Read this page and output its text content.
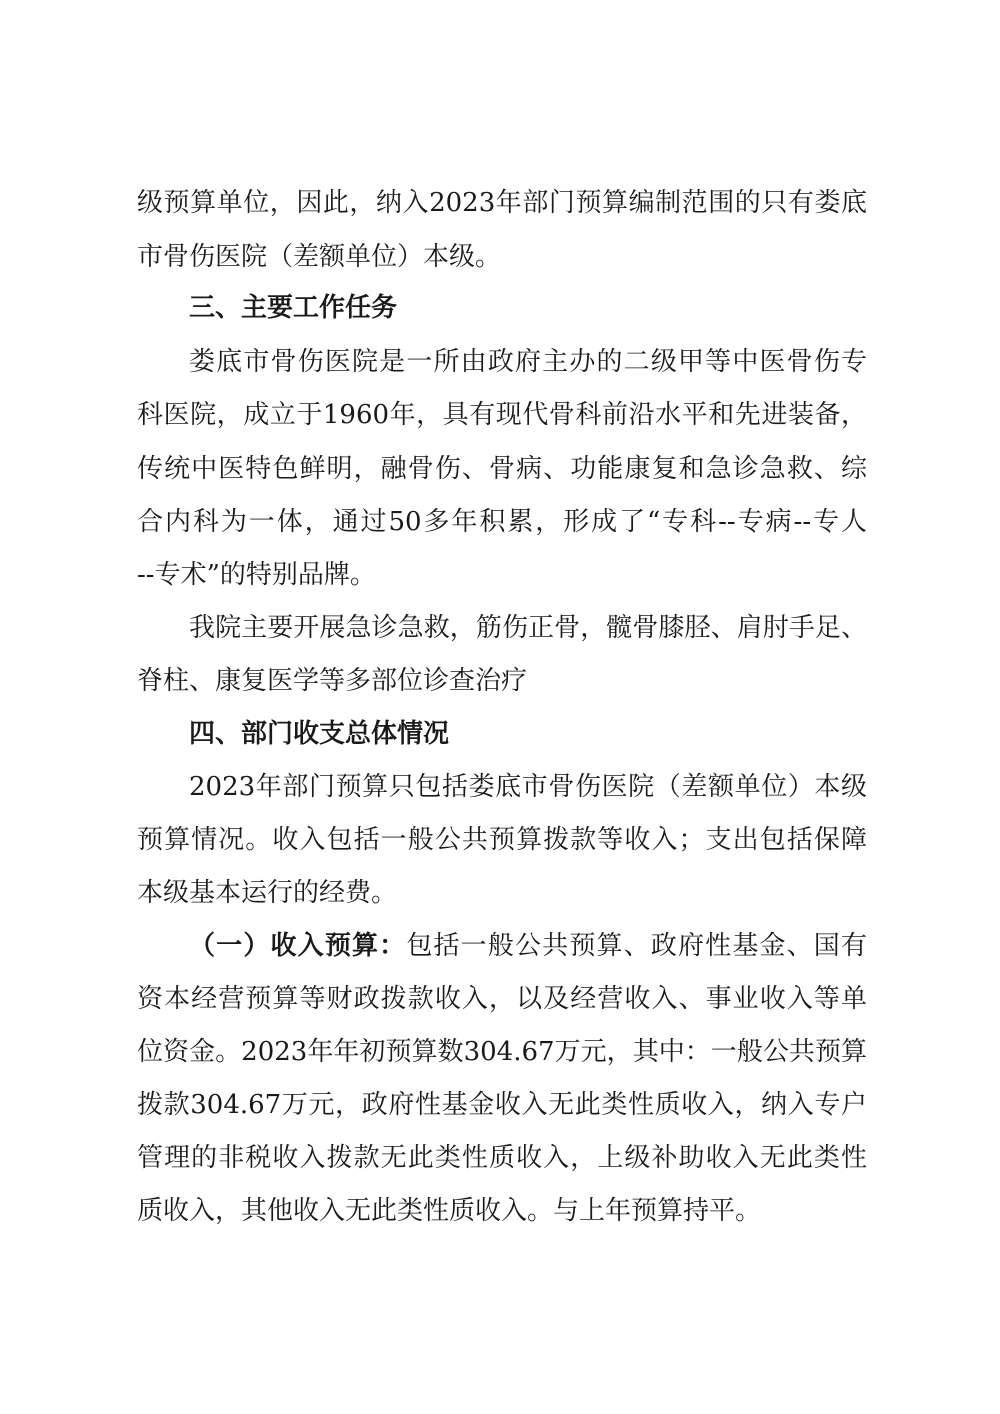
级预算单位，因此，纳入2023年部门预算编制范围的只有娄底
市骨伤医院（差额单位）本级。
三、主要工作任务
娄底市骨伤医院是一所由政府主办的二级甲等中医骨伤专
科医院，成立于1960年，具有现代骨科前沿水平和先进装备，
传统中医特色鲜明，融骨伤、骨病、功能康复和急诊急救、综
合内科为一体，通过50多年积累，形成了“专科--专病--专人
--专术”的特别品牌。
我院主要开展急诊急救，筋伤正骨，髋骨膝胫、肩肘手足、
脊柱、康复医学等多部位诊查治疗
四、部门收支总体情况
2023年部门预算只包括娄底市骨伤医院（差额单位）本级
预算情况。收入包括一般公共预算拨款等收入；支出包括保障
本级基本运行的经费。
（一）收入预算：包括一般公共预算、政府性基金、国有
资本经营预算等财政拨款收入，以及经营收入、事业收入等单
位资金。2023年年初预算数304.67万元，其中：一般公共预算
拨款304.67万元，政府性基金收入无此类性质收入，纳入专户
管理的非税收入拨款无此类性质收入，上级补助收入无此类性
质收入，其他收入无此类性质收入。与上年预算持平。
